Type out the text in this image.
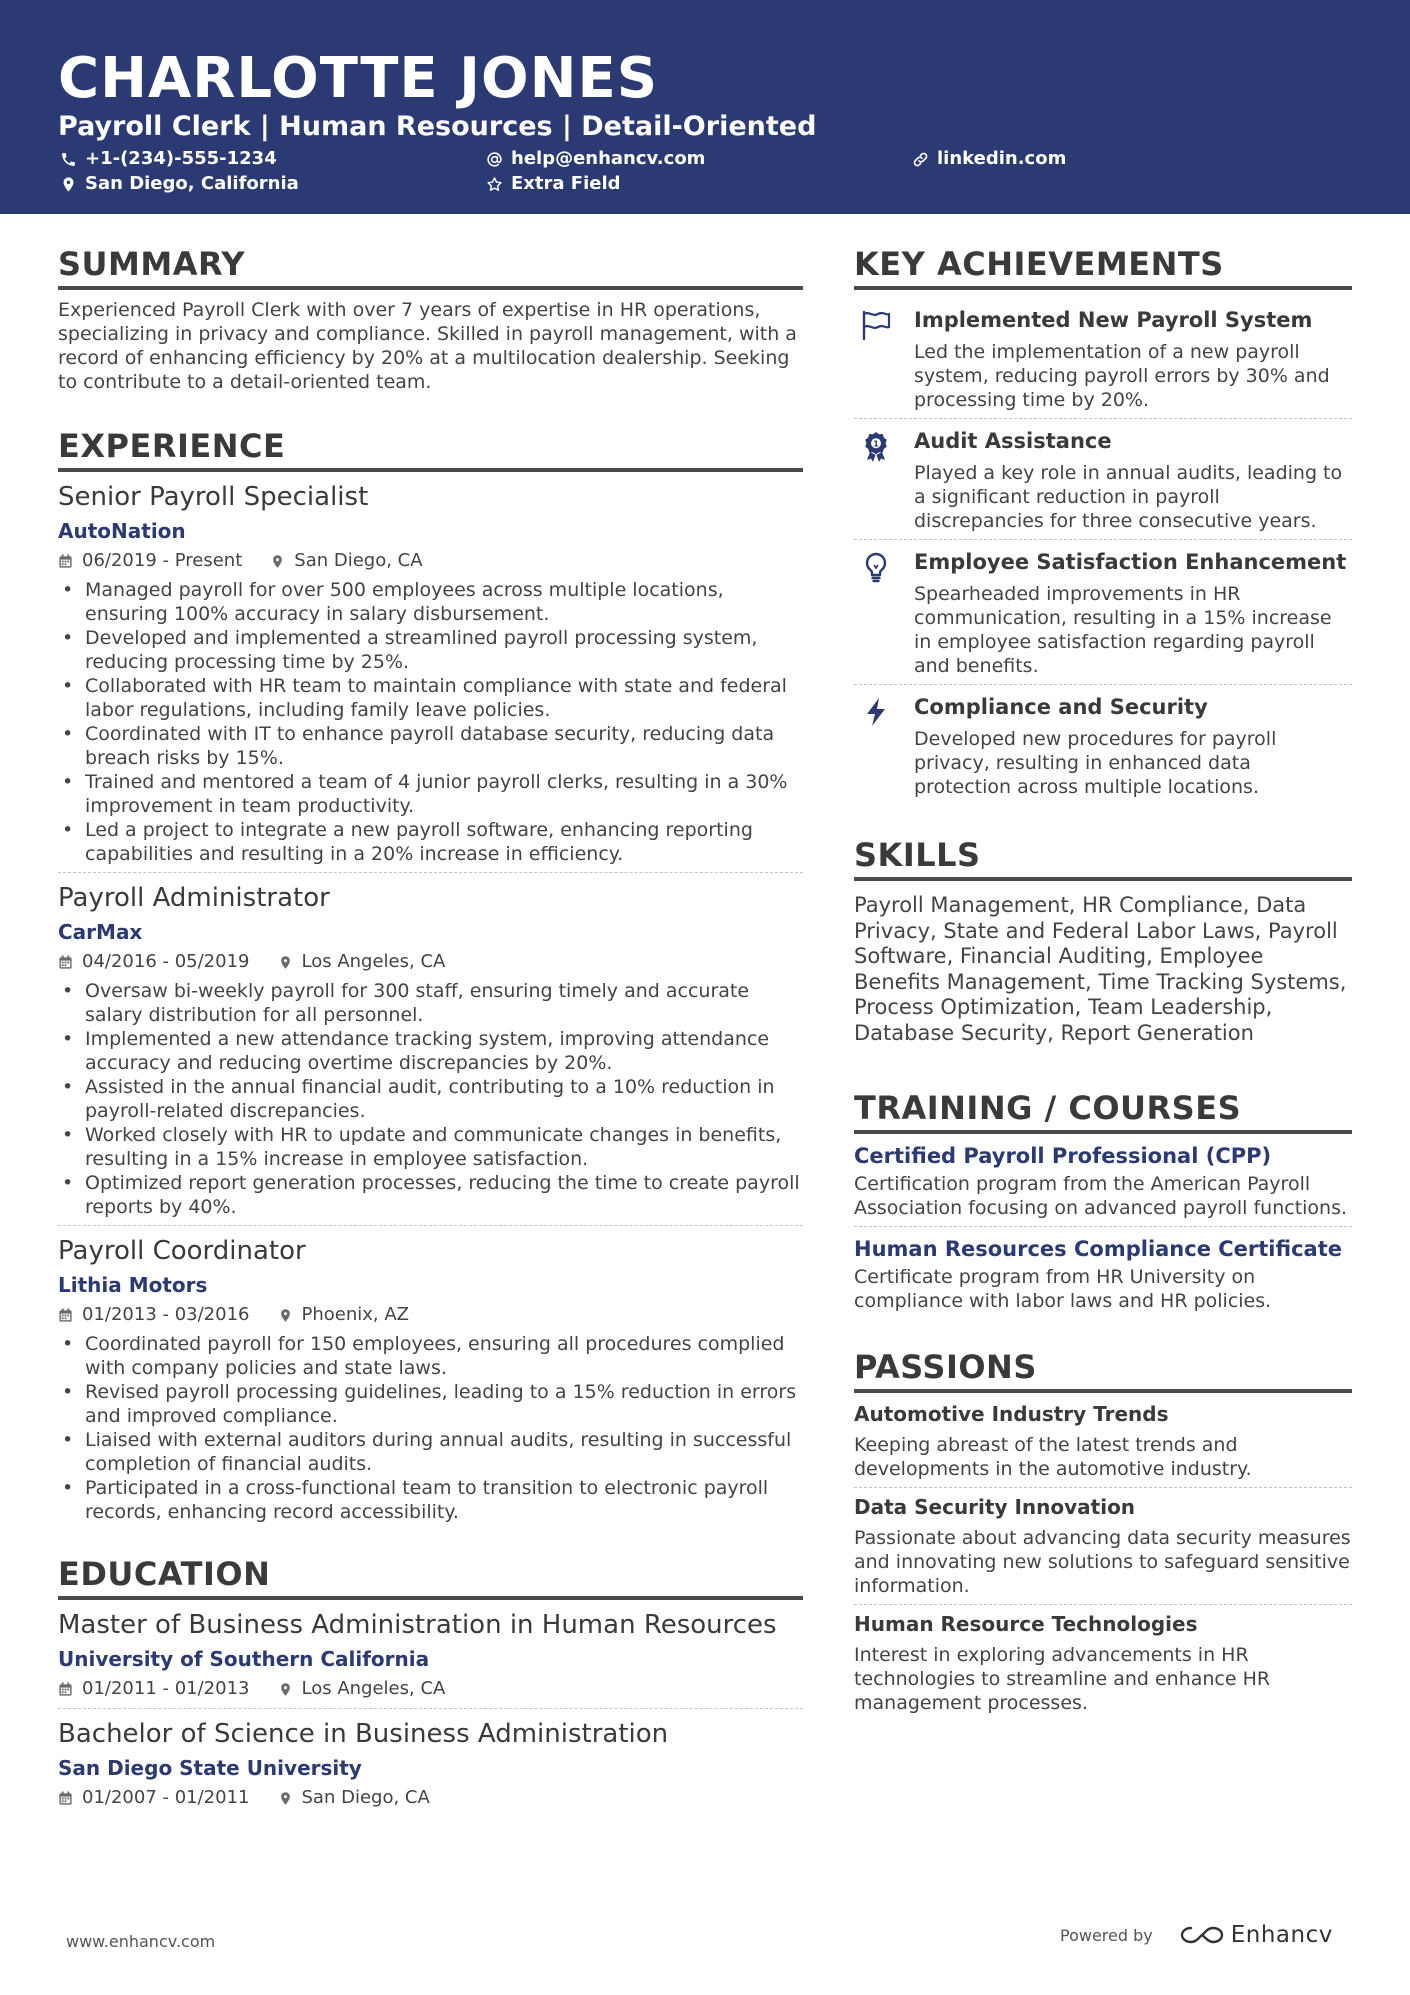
CHARLOTTE JONES
Payroll Clerk | Human Resources | Detail-Oriented
+1-(234)-555-1234
San Diego, California
help@enhancv.com
Extra Field
linkedin.com
SUMMARY
Experienced Payroll Clerk with over 7 years of expertise in HR operations, specializing in privacy and compliance. Skilled in payroll management, with a record of enhancing efficiency by 20% at a multilocation dealership. Seeking to contribute to a detail-oriented team.
EXPERIENCE
Senior Payroll Specialist
AutoNation
06/2019 - Present	San Diego, CA
• Managed payroll for over 500 employees across multiple locations, ensuring 100% accuracy in salary disbursement.
• Developed and implemented a streamlined payroll processing system, reducing processing time by 25%.
• Collaborated with HR team to maintain compliance with state and federal labor regulations, including family leave policies.
• Coordinated with IT to enhance payroll database security, reducing data breach risks by 15%.
• Trained and mentored a team of 4 junior payroll clerks, resulting in a 30% improvement in team productivity.
• Led a project to integrate a new payroll software, enhancing reporting capabilities and resulting in a 20% increase in efficiency.
Payroll Administrator
CarMax
04/2016 - 05/2019	Los Angeles, CA
• Oversaw bi-weekly payroll for 300 staff, ensuring timely and accurate salary distribution for all personnel.
• Implemented a new attendance tracking system, improving attendance accuracy and reducing overtime discrepancies by 20%.
• Assisted in the annual financial audit, contributing to a 10% reduction in payroll-related discrepancies.
• Worked closely with HR to update and communicate changes in benefits, resulting in a 15% increase in employee satisfaction.
• Optimized report generation processes, reducing the time to create payroll reports by 40%.
Payroll Coordinator
Lithia Motors
01/2013 - 03/2016	Phoenix, AZ
• Coordinated payroll for 150 employees, ensuring all procedures complied with company policies and state laws.
• Revised payroll processing guidelines, leading to a 15% reduction in errors and improved compliance.
• Liaised with external auditors during annual audits, resulting in successful completion of financial audits.
• Participated in a cross-functional team to transition to electronic payroll records, enhancing record accessibility.
EDUCATION
Master of Business Administration in Human Resources
University of Southern California
01/2011 - 01/2013	Los Angeles, CA
Bachelor of Science in Business Administration
San Diego State University
01/2007 - 01/2011	San Diego, CA
KEY ACHIEVEMENTS
Implemented New Payroll System
Led the implementation of a new payroll system, reducing payroll errors by 30% and processing time by 20%.
1 Audit Assistance
Played a key role in annual audits, leading to a significant reduction in payroll discrepancies for three consecutive years.
Employee Satisfaction Enhancement
Spearheaded improvements in HR communication, resulting in a 15% increase in employee satisfaction regarding payroll and benefits.
Compliance and Security
Developed new procedures for payroll privacy, resulting in enhanced data protection across multiple locations.
SKILLS
Payroll Management, HR Compliance, Data Privacy, State and Federal Labor Laws, Payroll Software, Financial Auditing, Employee Benefits Management, Time Tracking Systems, Process Optimization, Team Leadership, Database Security, Report Generation
TRAINING / COURSES
Certified Payroll Professional (CPP)
Certification program from the American Payroll Association focusing on advanced payroll functions.
Human Resources Compliance Certificate
Certificate program from HR University on compliance with labor laws and HR policies.
PASSIONS
Automotive Industry Trends
Keeping abreast of the latest trends and developments in the automotive industry.
Data Security Innovation
Passionate about advancing data security measures and innovating new solutions to safeguard sensitive information.
Human Resource Technologies
Interest in exploring advancements in HR technologies to streamline and enhance HR management processes.
www.enhancv.com	Powered by	Enhancv
